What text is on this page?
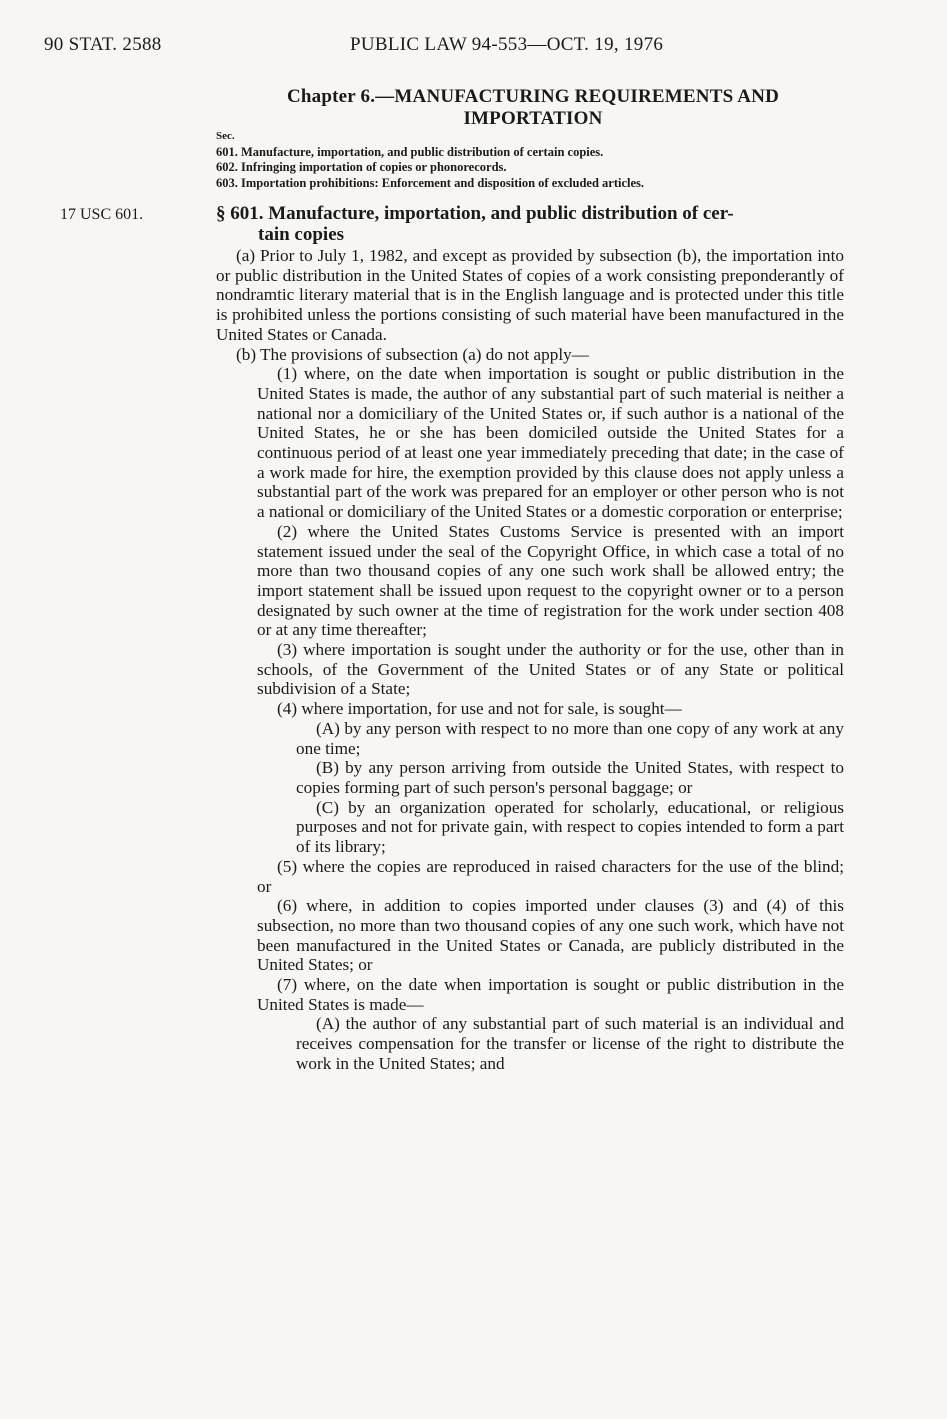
90 STAT. 2588	PUBLIC LAW 94-553—OCT. 19, 1976
Chapter 6.—MANUFACTURING REQUIREMENTS AND
IMPORTATION
Sec.
601. Manufacture, importation, and public distribution of certain copies.
602. Infringing importation of copies or phonorecords.
603. Importation prohibitions: Enforcement and disposition of excluded articles.
17 USC 601.	§ 601. Manufacture, importation, and public distribution of cer-
tain copies

(a) Prior to July 1, 1982, and except as provided by subsection (b), the importation into or public distribution in the United States of copies of a work consisting preponderantly of nondramtic literary material that is in the English language and is protected under this title is prohibited unless the portions consisting of such material have been manufactured in the United States or Canada.

(b) The provisions of subsection (a) do not apply—

(1) where, on the date when importation is sought or public distribution in the United States is made, the author of any substantial part of such material is neither a national nor a domiciliary of the United States or, if such author is a national of the United States, he or she has been domiciled outside the United States for a continuous period of at least one year immediately preceding that date; in the case of a work made for hire, the exemption provided by this clause does not apply unless a substantial part of the work was prepared for an employer or other person who is not a national or domiciliary of the United States or a domestic corporation or enterprise;

(2) where the United States Customs Service is presented with an import statement issued under the seal of the Copyright Office, in which case a total of no more than two thousand copies of any one such work shall be allowed entry; the import statement shall be issued upon request to the copyright owner or to a person designated by such owner at the time of registration for the work under section 408 or at any time thereafter;

(3) where importation is sought under the authority or for the use, other than in schools, of the Government of the United States or of any State or political subdivision of a State;

(4) where importation, for use and not for sale, is sought—

(A) by any person with respect to no more than one copy of any work at any one time;

(B) by any person arriving from outside the United States, with respect to copies forming part of such person's personal baggage; or

(C) by an organization operated for scholarly, educational, or religious purposes and not for private gain, with respect to copies intended to form a part of its library;

(5) where the copies are reproduced in raised characters for the use of the blind; or

(6) where, in addition to copies imported under clauses (3) and (4) of this subsection, no more than two thousand copies of any one such work, which have not been manufactured in the United States or Canada, are publicly distributed in the United States; or

(7) where, on the date when importation is sought or public distribution in the United States is made—

(A) the author of any substantial part of such material is an individual and receives compensation for the transfer or license of the right to distribute the work in the United States; and
